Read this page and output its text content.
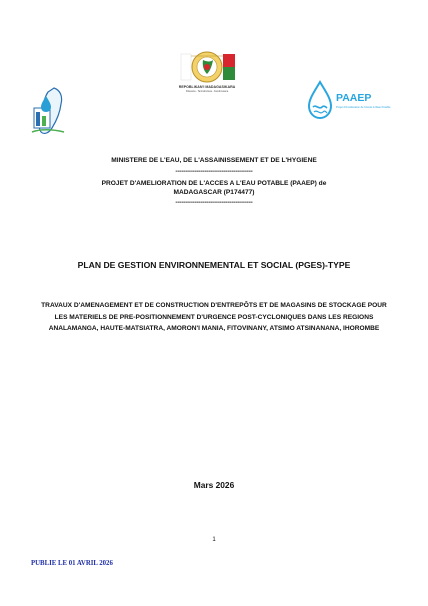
REPOBLIKAN'I MADAGASIKARA
Fitiavana - Tanindrazana - Fandrosoana
PAAEP
Projet d'Amélioration de l'Accès à l'Eau Potable
MINISTERE DE L'EAU, DE L'ASSAINISSEMENT ET DE L'HYGIENE
----------------------------------------
PROJET D'AMELIORATION DE L'ACCES A L'EAU POTABLE (PAAEP) de MADAGASCAR (P174477)
----------------------------------------
PLAN DE GESTION ENVIRONNEMENTAL ET SOCIAL (PGES)-TYPE
TRAVAUX D'AMENAGEMENT ET DE CONSTRUCTION D'ENTREPÔTS ET DE MAGASINS DE STOCKAGE POUR LES MATERIELS DE PRE-POSITIONNEMENT D'URGENCE POST-CYCLONIQUES DANS LES REGIONS ANALAMANGA, HAUTE-MATSIATRA, AMORON'I MANIA, FITOVINANY, ATSIMO ATSINANANA, IHOROMBE
Mars 2026
1
PUBLIE LE 01 AVRIL 2026
